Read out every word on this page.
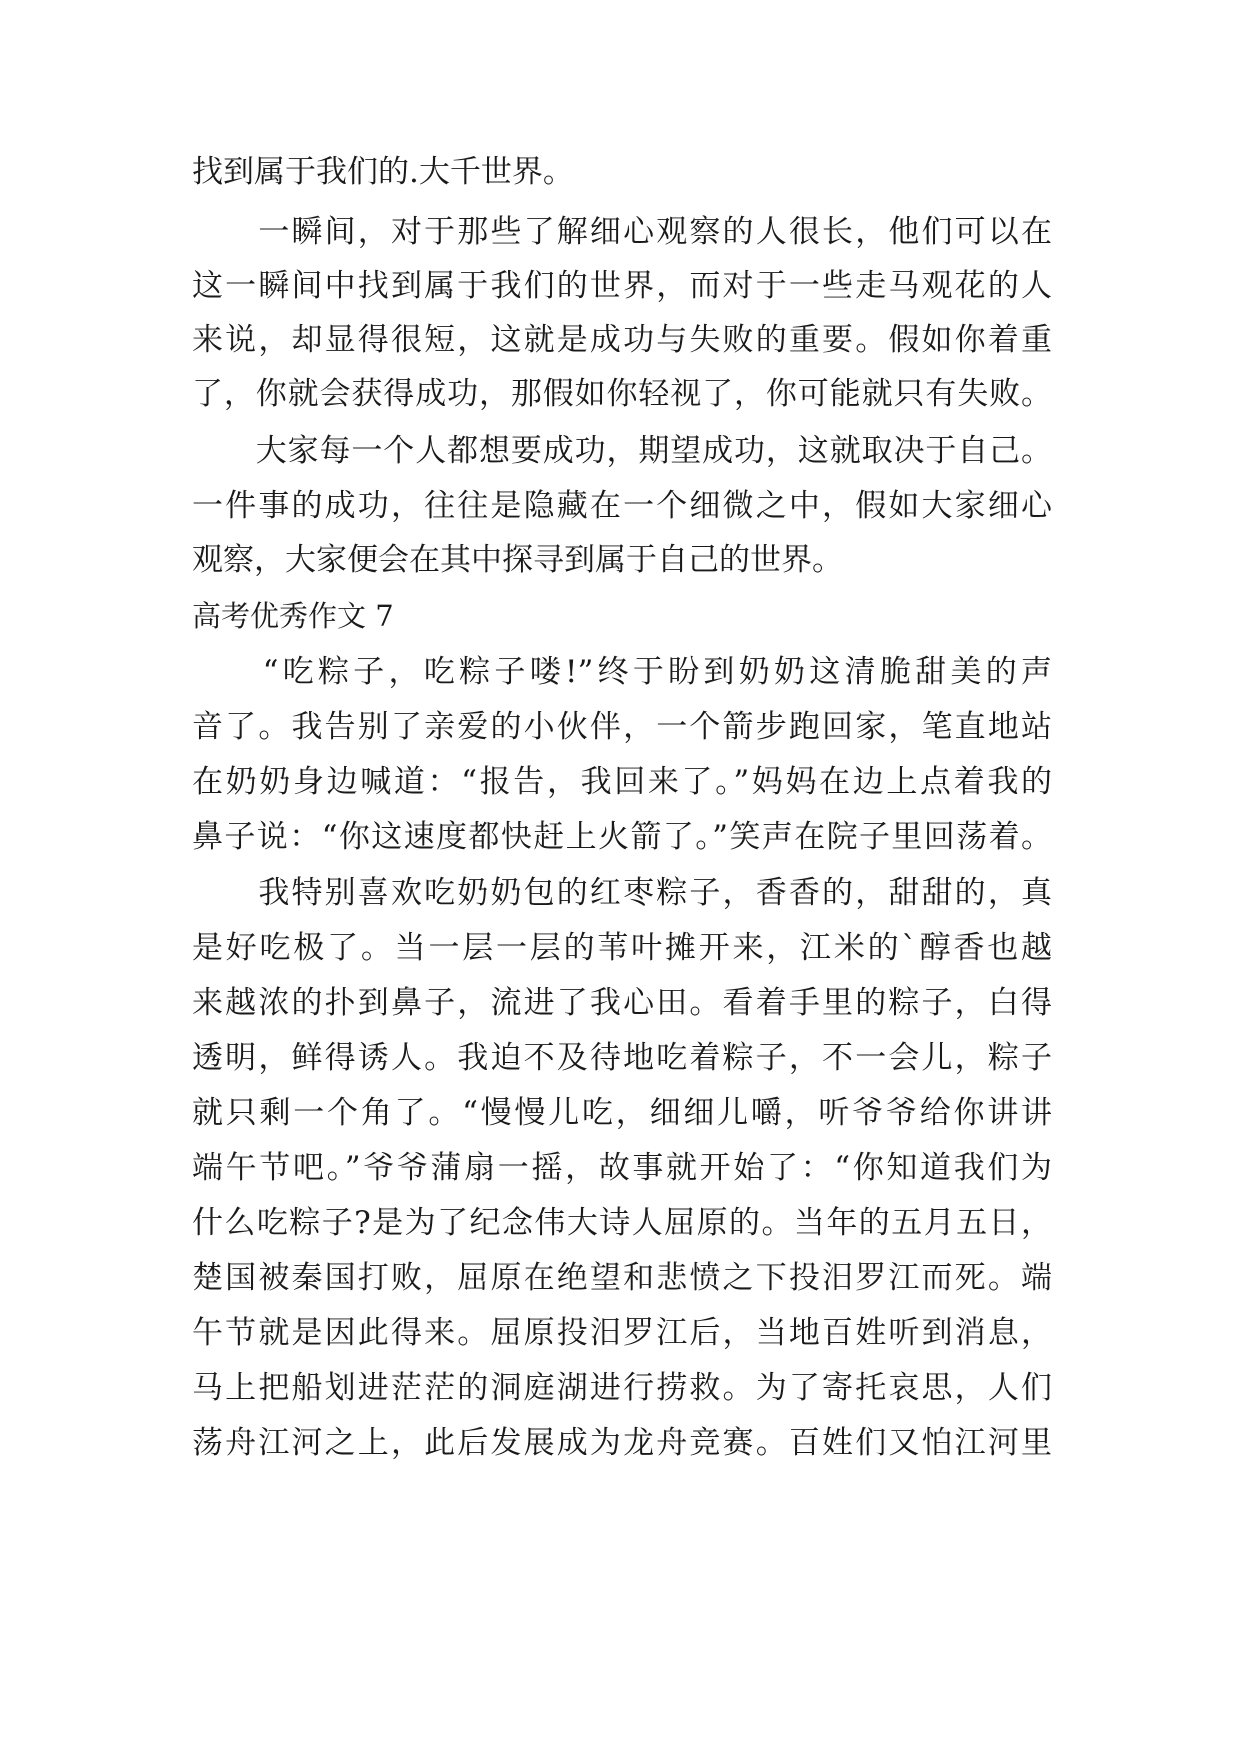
找到属于我们的.大千世界。
　　一瞬间，对于那些了解细心观察的人很长，他们可以在
这一瞬间中找到属于我们的世界，而对于一些走马观花的人
来说，却显得很短，这就是成功与失败的重要。假如你着重
了，你就会获得成功，那假如你轻视了，你可能就只有失败。
　　大家每一个人都想要成功，期望成功，这就取决于自己。
一件事的成功，往往是隐藏在一个细微之中，假如大家细心
观察，大家便会在其中探寻到属于自己的世界。
高考优秀作文 7
　　“吃粽子，吃粽子喽!”终于盼到奶奶这清脆甜美的声
音了。我告别了亲爱的小伙伴，一个箭步跑回家，笔直地站
在奶奶身边喊道：“报告，我回来了。”妈妈在边上点着我的
鼻子说：“你这速度都快赶上火箭了。”笑声在院子里回荡着。
　　我特别喜欢吃奶奶包的红枣粽子，香香的，甜甜的，真
是好吃极了。当一层一层的苇叶摊开来，江米的`醇香也越
来越浓的扑到鼻子，流进了我心田。看着手里的粽子，白得
透明，鲜得诱人。我迫不及待地吃着粽子，不一会儿，粽子
就只剩一个角了。“慢慢儿吃，细细儿嚼，听爷爷给你讲讲
端午节吧。”爷爷蒲扇一摇，故事就开始了：“你知道我们为
什么吃粽子?是为了纪念伟大诗人屈原的。当年的五月五日，
楚国被秦国打败，屈原在绝望和悲愤之下投汨罗江而死。端
午节就是因此得来。屈原投汨罗江后，当地百姓听到消息，
马上把船划进茫茫的洞庭湖进行捞救。为了寄托哀思，人们
荡舟江河之上，此后发展成为龙舟竞赛。百姓们又怕江河里
